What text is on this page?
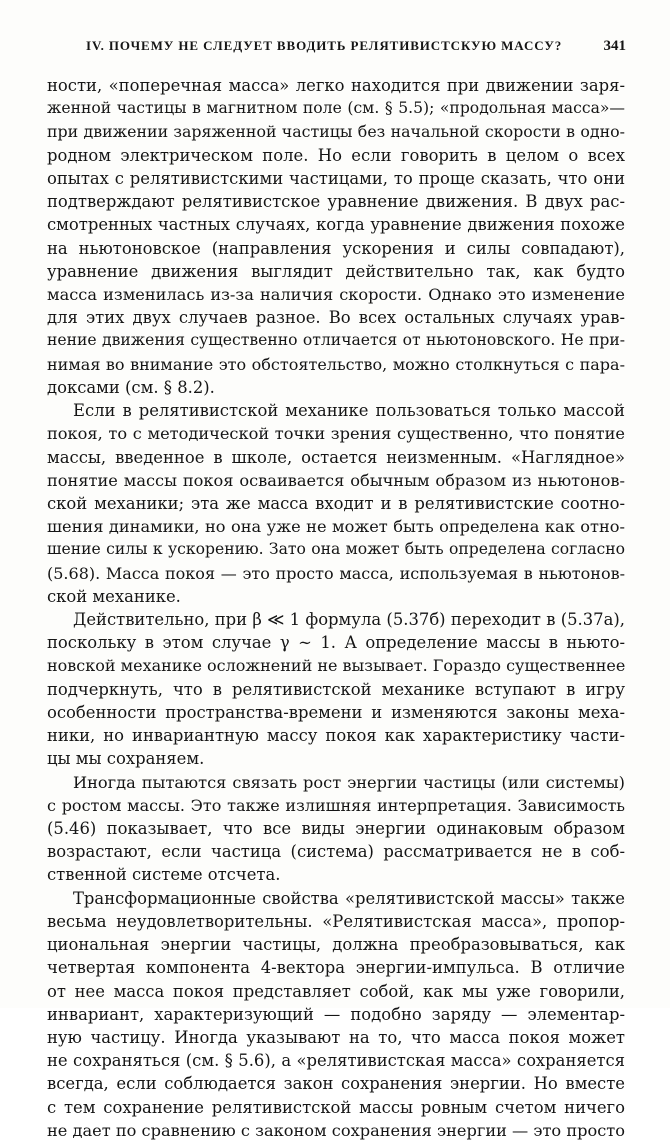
IV. ПОЧЕМУ НЕ СЛЕДУЕТ ВВОДИТЬ РЕЛЯТИВИСТСКУЮ МАССУ?	341
ности, «поперечная масса» легко находится при движении заря-
женной частицы в магнитном поле (см. § 5.5); «продольная масса»—
при движении заряженной частицы без начальной скорости в одно-
родном электрическом поле. Но если говорить в целом о всех
опытах с релятивистскими частицами, то проще сказать, что они
подтверждают релятивистское уравнение движения. В двух рас-
смотренных частных случаях, когда уравнение движения похоже
на ньютоновское (направления ускорения и силы совпадают),
уравнение движения выглядит действительно так, как будто
масса изменилась из-за наличия скорости. Однако это изменение
для этих двух случаев разное. Во всех остальных случаях урав-
нение движения существенно отличается от ньютоновского. Не при-
нимая во внимание это обстоятельство, можно столкнуться с пара-
доксами (см. § 8.2).
Если в релятивистской механике пользоваться только массой
покоя, то с методической точки зрения существенно, что понятие
массы, введенное в школе, остается неизменным. «Наглядное»
понятие массы покоя осваивается обычным образом из ньютонов-
ской механики; эта же масса входит и в релятивистские соотно-
шения динамики, но она уже не может быть определена как отно-
шение силы к ускорению. Зато она может быть определена согласно
(5.68). Масса покоя — это просто масса, используемая в ньютонов-
ской механике.
Действительно, при β ≪ 1 формула (5.37б) переходит в (5.37а),
поскольку в этом случае γ ∼ 1. А определение массы в ньюто-
новской механике осложнений не вызывает. Гораздо существеннее
подчеркнуть, что в релятивистской механике вступают в игру
особенности пространства-времени и изменяются законы меха-
ники, но инвариантную массу покоя как характеристику части-
цы мы сохраняем.
Иногда пытаются связать рост энергии частицы (или системы)
с ростом массы. Это также излишняя интерпретация. Зависимость
(5.46) показывает, что все виды энергии одинаковым образом
возрастают, если частица (система) рассматривается не в соб-
ственной системе отсчета.
Трансформационные свойства «релятивистской массы» также
весьма неудовлетворительны. «Релятивистская масса», пропор-
циональная энергии частицы, должна преобразовываться, как
четвертая компонента 4-вектора энергии-импульса. В отличие
от нее масса покоя представляет собой, как мы уже говорили,
инвариант, характеризующий — подобно заряду — элементар-
ную частицу. Иногда указывают на то, что масса покоя может
не сохраняться (см. § 5.6), а «релятивистская масса» сохраняется
всегда, если соблюдается закон сохранения энергии. Но вместе
с тем сохранение релятивистской массы ровным счетом ничего
не дает по сравнению с законом сохранения энергии — это просто
